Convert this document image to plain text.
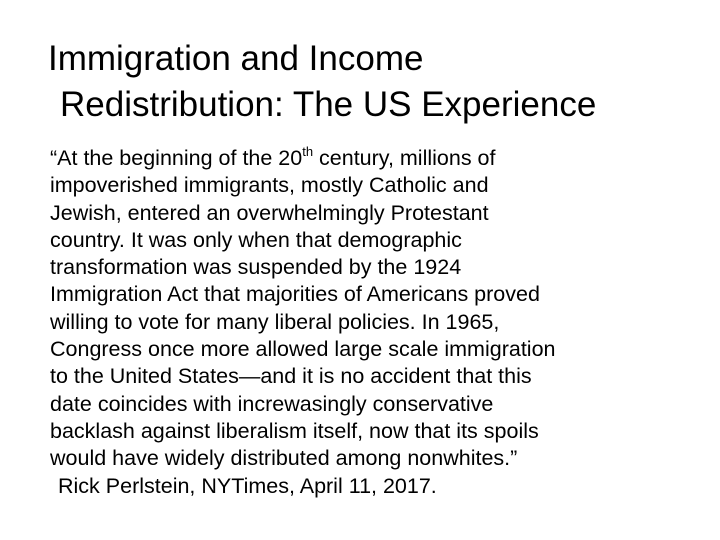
Immigration and Income
Redistribution: The US Experience
“At the beginning of the 20th century, millions of
impoverished immigrants, mostly Catholic and
Jewish, entered an overwhelmingly Protestant
country. It was only when that demographic
transformation was suspended by the 1924
Immigration Act that majorities of Americans proved
willing to vote for many liberal policies. In 1965,
Congress once more allowed large scale immigration
to the United States—and it is no accident that this
date coincides with increwasingly conservative
backlash against liberalism itself, now that its spoils
would have widely distributed among nonwhites.”
Rick Perlstein, NYTimes, April 11, 2017.
